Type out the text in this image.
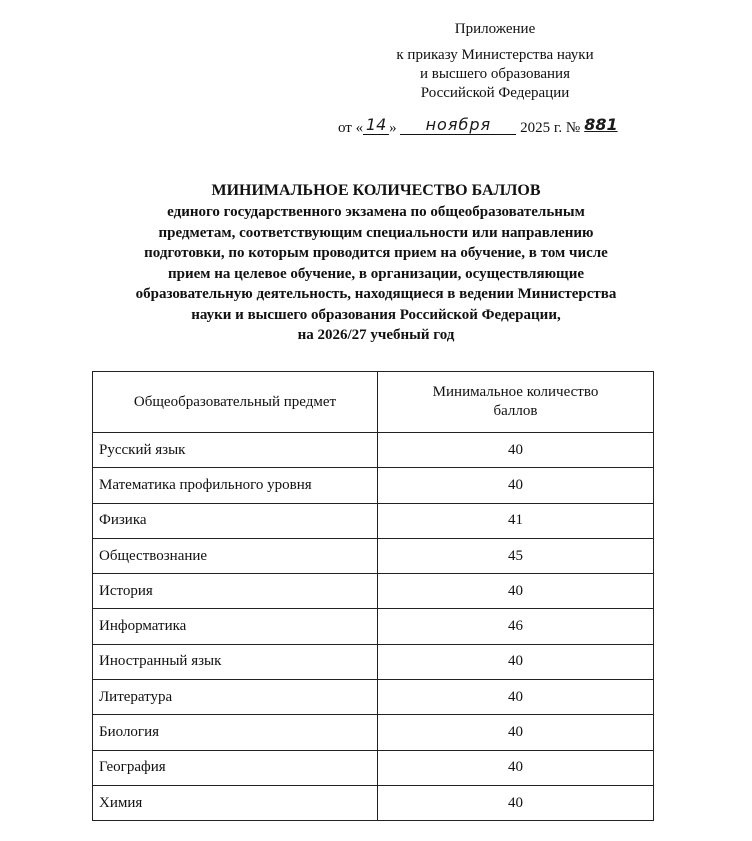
Приложение
к приказу Министерства науки
и высшего образования
Российской Федерации
от « 14 » ноября 2025 г. № 881
МИНИМАЛЬНОЕ КОЛИЧЕСТВО БАЛЛОВ
единого государственного экзамена по общеобразовательным
предметам, соответствующим специальности или направлению
подготовки, по которым проводится прием на обучение, в том числе
прием на целевое обучение, в организации, осуществляющие
образовательную деятельность, находящиеся в ведении Министерства
науки и высшего образования Российской Федерации,
на 2026/27 учебный год
Общеобразовательный предмет	Минимальное количество
баллов

Русский язык	40
Математика профильного уровня	40
Физика	41
Обществознание	45
История	40
Информатика	46
Иностранный язык	40
Литература	40
Биология	40
География	40
Химия	40
